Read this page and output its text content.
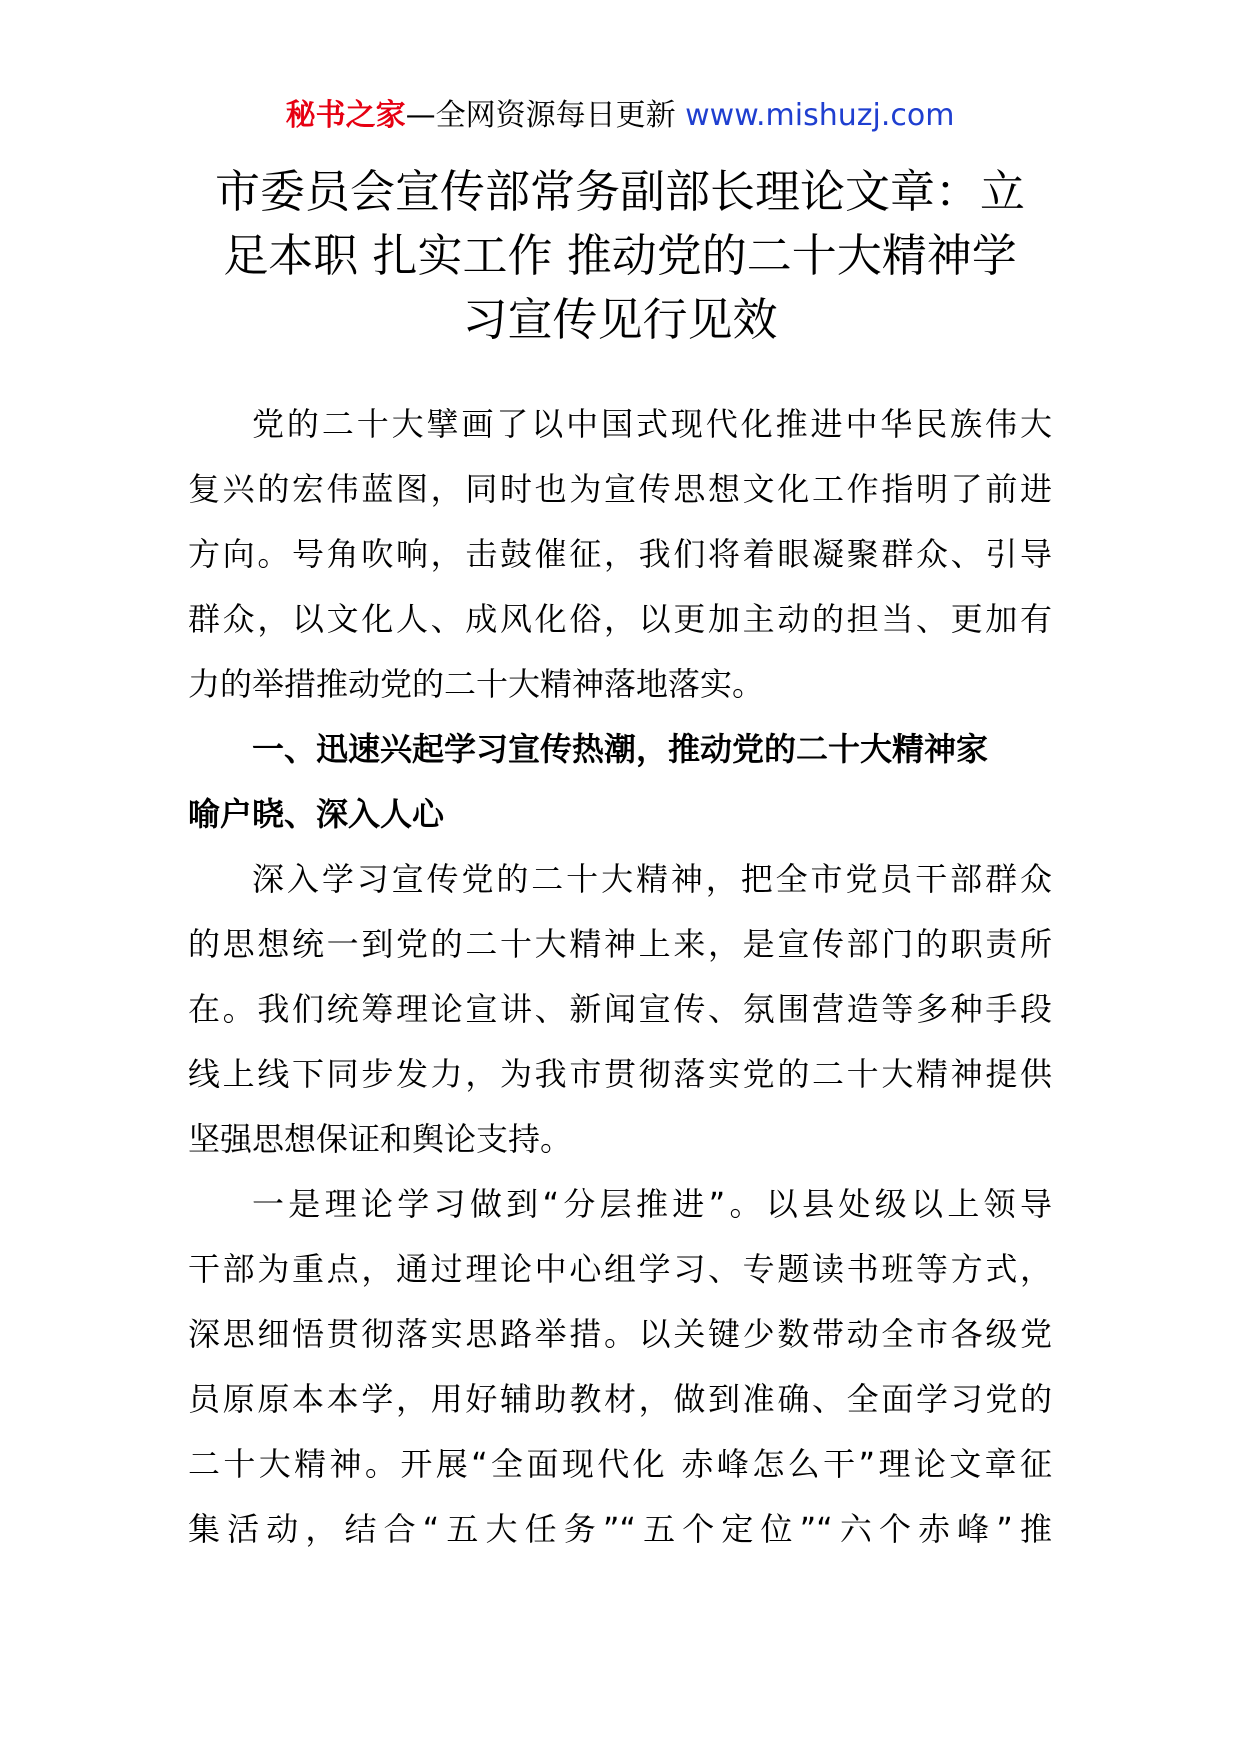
秘书之家—全网资源每日更新 www.mishuzj.com
市委员会宣传部常务副部长理论文章：立
足本职 扎实工作 推动党的二十大精神学
习宣传见行见效
党的二十大擘画了以中国式现代化推进中华民族伟大
复兴的宏伟蓝图，同时也为宣传思想文化工作指明了前进
方向。号角吹响，击鼓催征，我们将着眼凝聚群众、引导
群众，以文化人、成风化俗，以更加主动的担当、更加有
力的举措推动党的二十大精神落地落实。
一、迅速兴起学习宣传热潮，推动党的二十大精神家
喻户晓、深入人心
深入学习宣传党的二十大精神，把全市党员干部群众
的思想统一到党的二十大精神上来，是宣传部门的职责所
在。我们统筹理论宣讲、新闻宣传、氛围营造等多种手段
线上线下同步发力，为我市贯彻落实党的二十大精神提供
坚强思想保证和舆论支持。
一是理论学习做到“分层推进”。以县处级以上领导
干部为重点，通过理论中心组学习、专题读书班等方式，
深思细悟贯彻落实思路举措。以关键少数带动全市各级党
员原原本本学，用好辅助教材，做到准确、全面学习党的
二十大精神。开展“全面现代化 赤峰怎么干”理论文章征
集活动，结合“五大任务”“五个定位”“六个赤峰”推
